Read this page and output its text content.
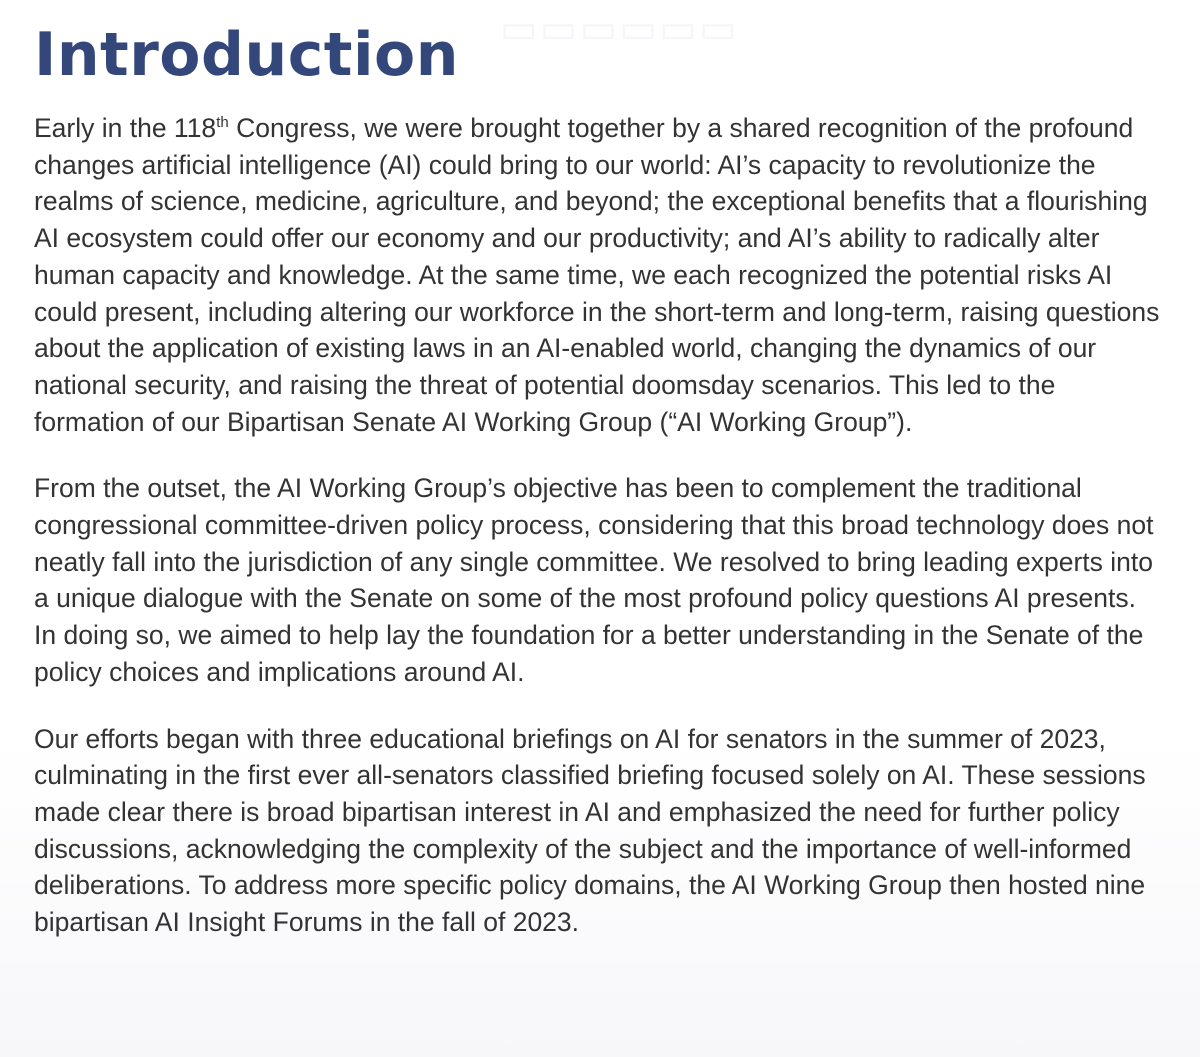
▭▭▭▭▭▭
Introduction

Early in the 118th Congress, we were brought together by a shared recognition of the profound changes artificial intelligence (AI) could bring to our world: AI’s capacity to revolutionize the realms of science, medicine, agriculture, and beyond; the exceptional benefits that a flourishing AI ecosystem could offer our economy and our productivity; and AI’s ability to radically alter human capacity and knowledge. At the same time, we each recognized the potential risks AI could present, including altering our workforce in the short-term and long-term, raising questions about the application of existing laws in an AI-enabled world, changing the dynamics of our national security, and raising the threat of potential doomsday scenarios. This led to the formation of our Bipartisan Senate AI Working Group (“AI Working Group”).

From the outset, the AI Working Group’s objective has been to complement the traditional congressional committee-driven policy process, considering that this broad technology does not neatly fall into the jurisdiction of any single committee. We resolved to bring leading experts into a unique dialogue with the Senate on some of the most profound policy questions AI presents. In doing so, we aimed to help lay the foundation for a better understanding in the Senate of the policy choices and implications around AI.

Our efforts began with three educational briefings on AI for senators in the summer of 2023, culminating in the first ever all-senators classified briefing focused solely on AI. These sessions made clear there is broad bipartisan interest in AI and emphasized the need for further policy discussions, acknowledging the complexity of the subject and the importance of well-informed deliberations. To address more specific policy domains, the AI Working Group then hosted nine bipartisan AI Insight Forums in the fall of 2023.
